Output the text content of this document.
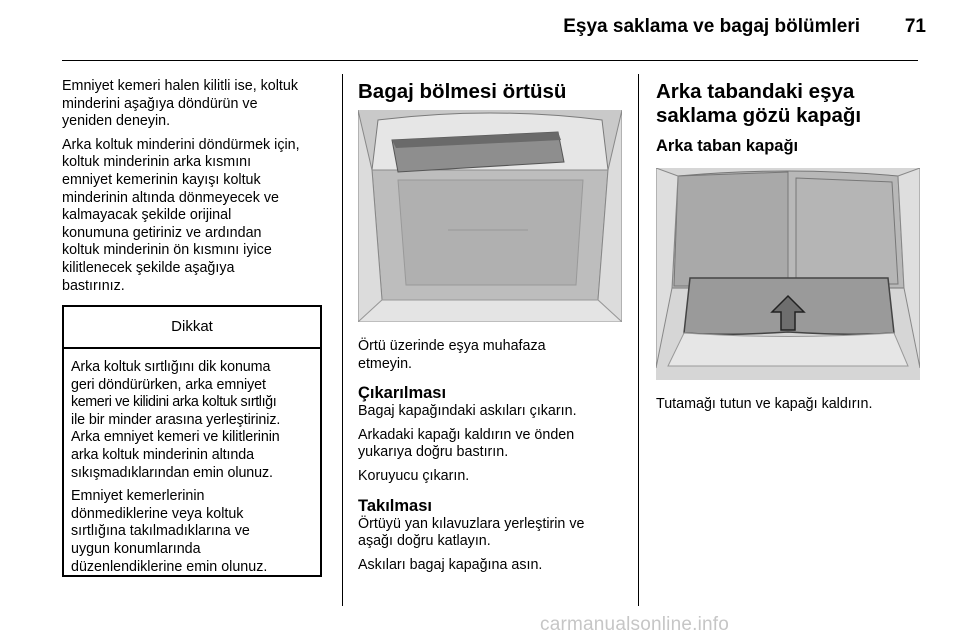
Eşya saklama ve bagaj bölümleri	71

Emniyet kemeri halen kilitli ise, koltuk
minderini aşağıya döndürün ve
yeniden deneyin.

Arka koltuk minderini döndürmek için,
koltuk minderinin arka kısmını
emniyet kemerinin kayışı koltuk
minderinin altında dönmeyecek ve
kalmayacak şekilde orijinal
konumuna getiriniz ve ardından
koltuk minderinin ön kısmını iyice
kilitlenecek şekilde aşağıya
bastırınız.

Dikkat

Arka koltuk sırtlığını dik konuma
geri döndürürken, arka emniyet
kemeri ve kilidini arka koltuk sırtlığı
ile bir minder arasına yerleştiriniz.
Arka emniyet kemeri ve kilitlerinin
arka koltuk minderinin altında
sıkışmadıklarından emin olunuz.

Emniyet kemerlerinin
dönmediklerine veya koltuk
sırtlığına takılmadıklarına ve
uygun konumlarında
düzenlendiklerine emin olunuz.

Bagaj bölmesi örtüsü

Örtü üzerinde eşya muhafaza
etmeyin.

Çıkarılması

Bagaj kapağındaki askıları çıkarın.

Arkadaki kapağı kaldırın ve önden
yukarıya doğru bastırın.

Koruyucu çıkarın.

Takılması

Örtüyü yan kılavuzlara yerleştirin ve
aşağı doğru katlayın.

Askıları bagaj kapağına asın.

Arka tabandaki eşya
saklama gözü kapağı
Arka taban kapağı

Tutamağı tutun ve kapağı kaldırın.

carmanualsonline.info
